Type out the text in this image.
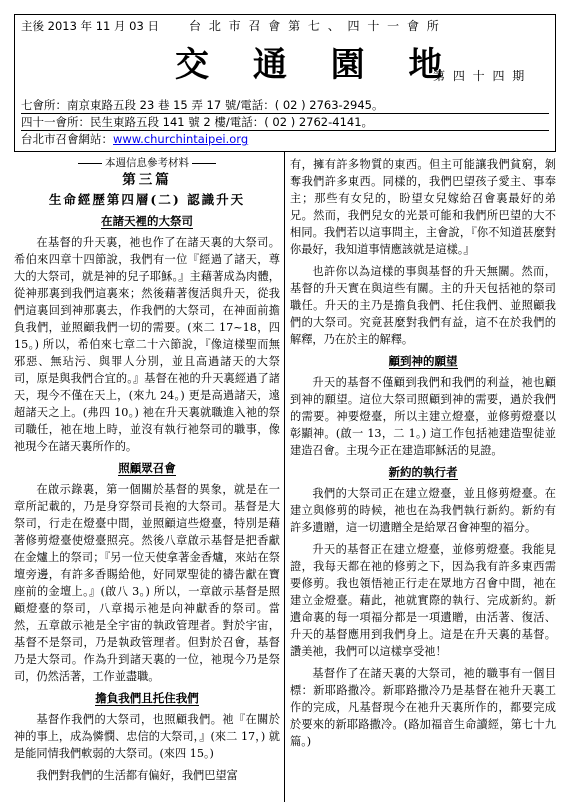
主後 2013 年 11 月 03 日	台 北 市 召 會 第 七 、 四 十 一 會 所
交 通 園 地
第 四 十 四 期
七會所：南京東路五段 23 巷 15 弄 17 號/電話：( 02 ) 2763-2945。
四十一會所：民生東路五段 141 號 2 樓/電話：( 02 ) 2762-4141。
台北市召會網站：www.churchintaipei.org
本週信息參考材料
第三篇
生命經歷第四層(二) 認識升天
在諸天裡的大祭司

在基督的升天裏，祂也作了在諸天裏的大祭司。希伯來四章十四節說，我們有一位『經過了諸天，尊大的大祭司，就是神的兒子耶穌。』主藉著成為肉體，從神那裏到我們這裏來；然後藉著復活與升天，從我們這裏回到神那裏去，作我們的大祭司，在神面前擔負我們，並照顧我們一切的需要。(來二 17~18，四 15。) 所以，希伯來七章二十六節說，『像這樣聖而無邪惡、無玷污、與罪人分別，並且高過諸天的大祭司，原是與我們合宜的。』基督在祂的升天裏經過了諸天，現今不僅在天上，(來九 24。) 更是高過諸天，遠超諸天之上。(弗四 10。) 祂在升天裏就職進入祂的祭司職任，祂在地上時，並沒有執行祂祭司的職事，像祂現今在諸天裏所作的。

照顧眾召會

在啟示錄裏，第一個關於基督的異象，就是在一章所記載的，乃是身穿祭司長袍的大祭司。基督是大祭司，行走在燈臺中間，並照顧這些燈臺，特別是藉著修剪燈臺使燈臺照亮。然後八章啟示基督是把香獻在金爐上的祭司；『另一位天使拿著金香爐，來站在祭壇旁邊，有許多香賜給他，好同眾聖徒的禱告獻在寶座前的金壇上。』(啟八 3。) 所以，一章啟示基督是照顧燈臺的祭司，八章揭示祂是向神獻香的祭司。當然，五章啟示祂是全宇宙的執政管理者。對於宇宙，基督不是祭司，乃是執政管理者。但對於召會，基督乃是大祭司。作為升到諸天裏的一位，祂現今乃是祭司，仍然活著，工作並盡職。

擔負我們且托住我們

基督作我們的大祭司，也照顧我們。祂『在關於神的事上，成為憐憫、忠信的大祭司，』(來二 17，) 就是能同情我們軟弱的大祭司。(來四 15。)

我們對我們的生活都有偏好，我們巴望富

有，擁有許多物質的東西。但主可能讓我們貧窮，剝奪我們許多東西。同樣的，我們巴望孩子愛主、事奉主；那些有女兒的，盼望女兒嫁給召會裏最好的弟兄。然而，我們兒女的光景可能和我們所巴望的大不相同。我們若以這事問主，主會說，『你不知道甚麼對你最好，我知道事情應該就是這樣。』

也許你以為這樣的事與基督的升天無關。然而，基督的升天實在與這些有關。主的升天包括祂的祭司職任。升天的主乃是擔負我們、托住我們、並照顧我們的大祭司。究竟甚麼對我們有益，這不在於我們的解釋，乃在於主的解釋。

顧到神的願望

升天的基督不僅顧到我們和我們的利益，祂也顧到神的願望。這位大祭司照顧到神的需要，過於我們的需要。神要燈臺，所以主建立燈臺，並修剪燈臺以彰顯神。(啟一 13，二 1。) 這工作包括祂建造聖徒並建造召會。主現今正在建造耶穌活的見證。

新約的執行者

我們的大祭司正在建立燈臺，並且修剪燈臺。在建立與修剪的時候，祂也在為我們執行新約。新約有許多遺贈，這一切遺贈全是給眾召會神聖的福分。

升天的基督正在建立燈臺，並修剪燈臺。我能見證，我每天都在祂的修剪之下，因為我有許多東西需要修剪。我也領悟祂正行走在眾地方召會中間，祂在建立金燈臺。藉此，祂就實際的執行、完成新約。新遺命裏的每一項福分都是一項遺贈，由活著、復活、升天的基督應用到我們身上。這是在升天裏的基督。讚美祂，我們可以這樣享受祂！

基督作了在諸天裏的大祭司，祂的職事有一個目標：新耶路撒冷。新耶路撒冷乃是基督在祂升天裏工作的完成，凡基督現今在祂升天裏所作的，都要完成於要來的新耶路撒冷。(路加福音生命讀經，第七十九篇。)
